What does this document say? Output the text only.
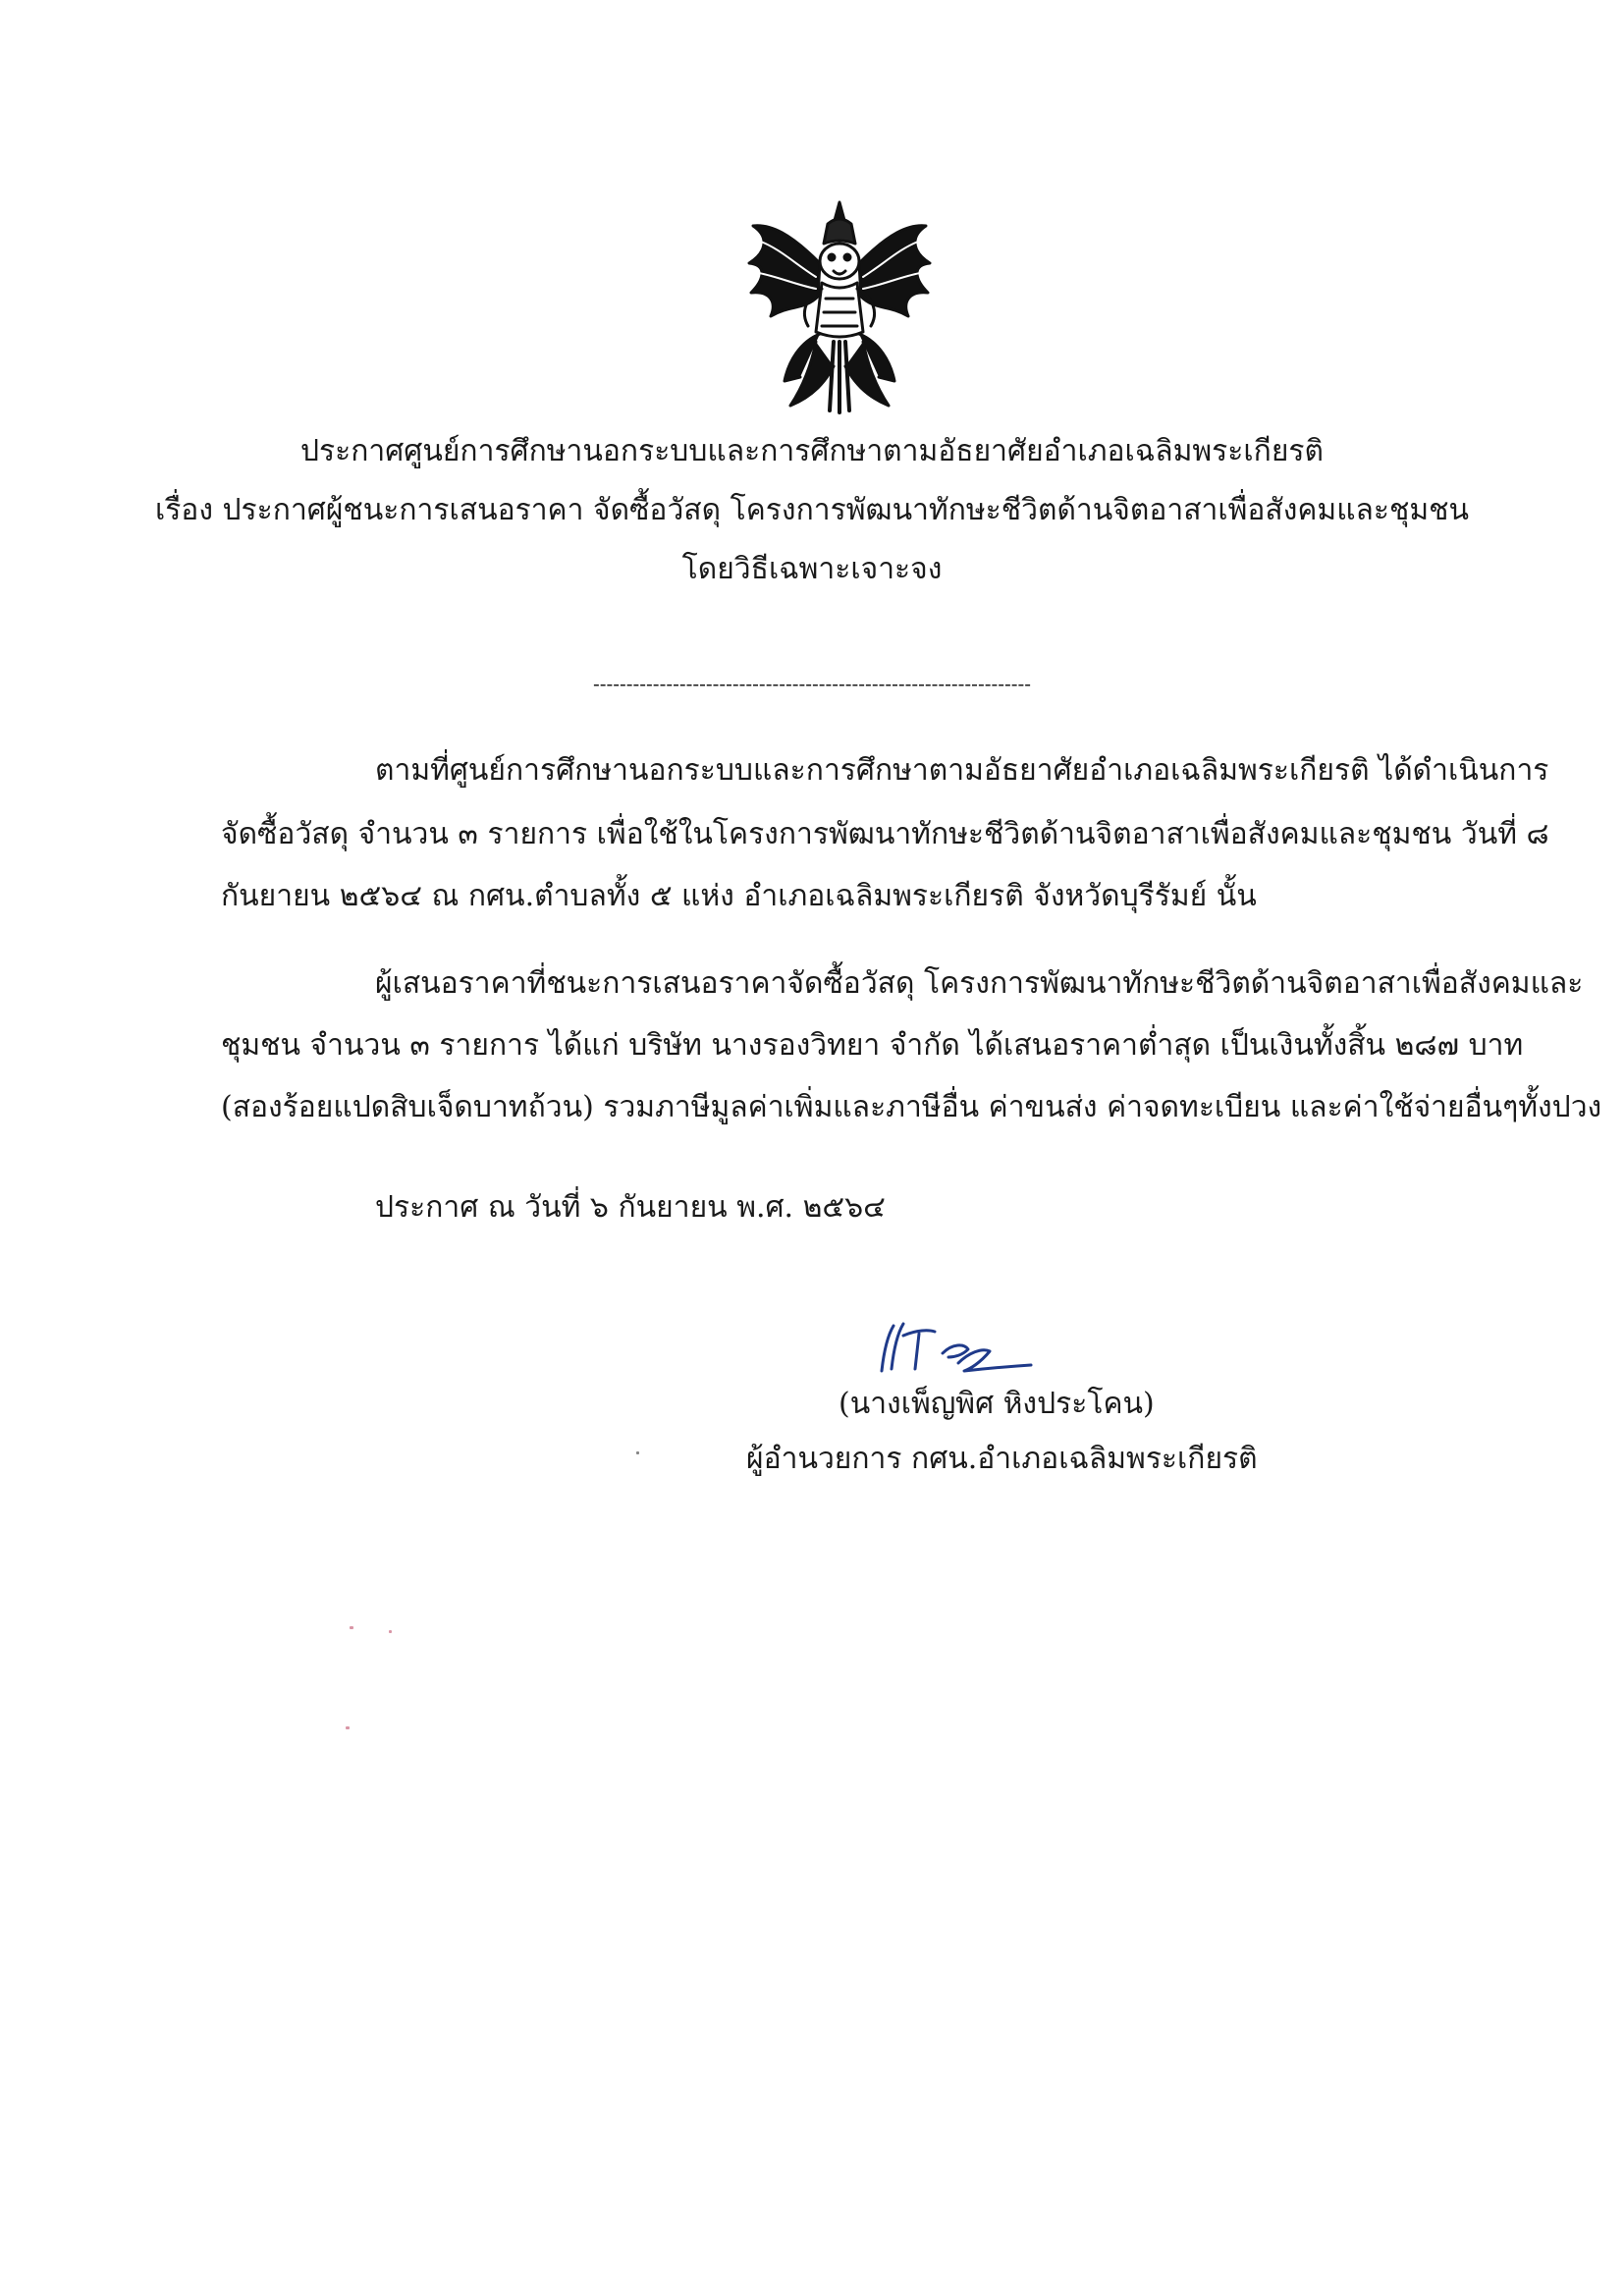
ประกาศศูนย์การศึกษานอกระบบและการศึกษาตามอัธยาศัยอำเภอเฉลิมพระเกียรติ
เรื่อง ประกาศผู้ชนะการเสนอราคา จัดซื้อวัสดุ โครงการพัฒนาทักษะชีวิตด้านจิตอาสาเพื่อสังคมและชุมชน
โดยวิธีเฉพาะเจาะจง
------------------------------------------------------------------
ตามที่ศูนย์การศึกษานอกระบบและการศึกษาตามอัธยาศัยอำเภอเฉลิมพระเกียรติ ได้ดำเนินการ
จัดซื้อวัสดุ จำนวน ๓ รายการ เพื่อใช้ในโครงการพัฒนาทักษะชีวิตด้านจิตอาสาเพื่อสังคมและชุมชน วันที่ ๘
กันยายน ๒๕๖๔ ณ กศน.ตำบลทั้ง ๕ แห่ง อำเภอเฉลิมพระเกียรติ จังหวัดบุรีรัมย์ นั้น
ผู้เสนอราคาที่ชนะการเสนอราคาจัดซื้อวัสดุ โครงการพัฒนาทักษะชีวิตด้านจิตอาสาเพื่อสังคมและ
ชุมชน จำนวน ๓ รายการ ได้แก่ บริษัท นางรองวิทยา จำกัด ได้เสนอราคาต่ำสุด เป็นเงินทั้งสิ้น ๒๘๗ บาท
(สองร้อยแปดสิบเจ็ดบาทถ้วน) รวมภาษีมูลค่าเพิ่มและภาษีอื่น ค่าขนส่ง ค่าจดทะเบียน และค่าใช้จ่ายอื่นๆทั้งปวง
ประกาศ ณ วันที่ ๖ กันยายน พ.ศ. ๒๕๖๔
(นางเพ็ญพิศ หิงประโคน)
ผู้อำนวยการ กศน.อำเภอเฉลิมพระเกียรติ
